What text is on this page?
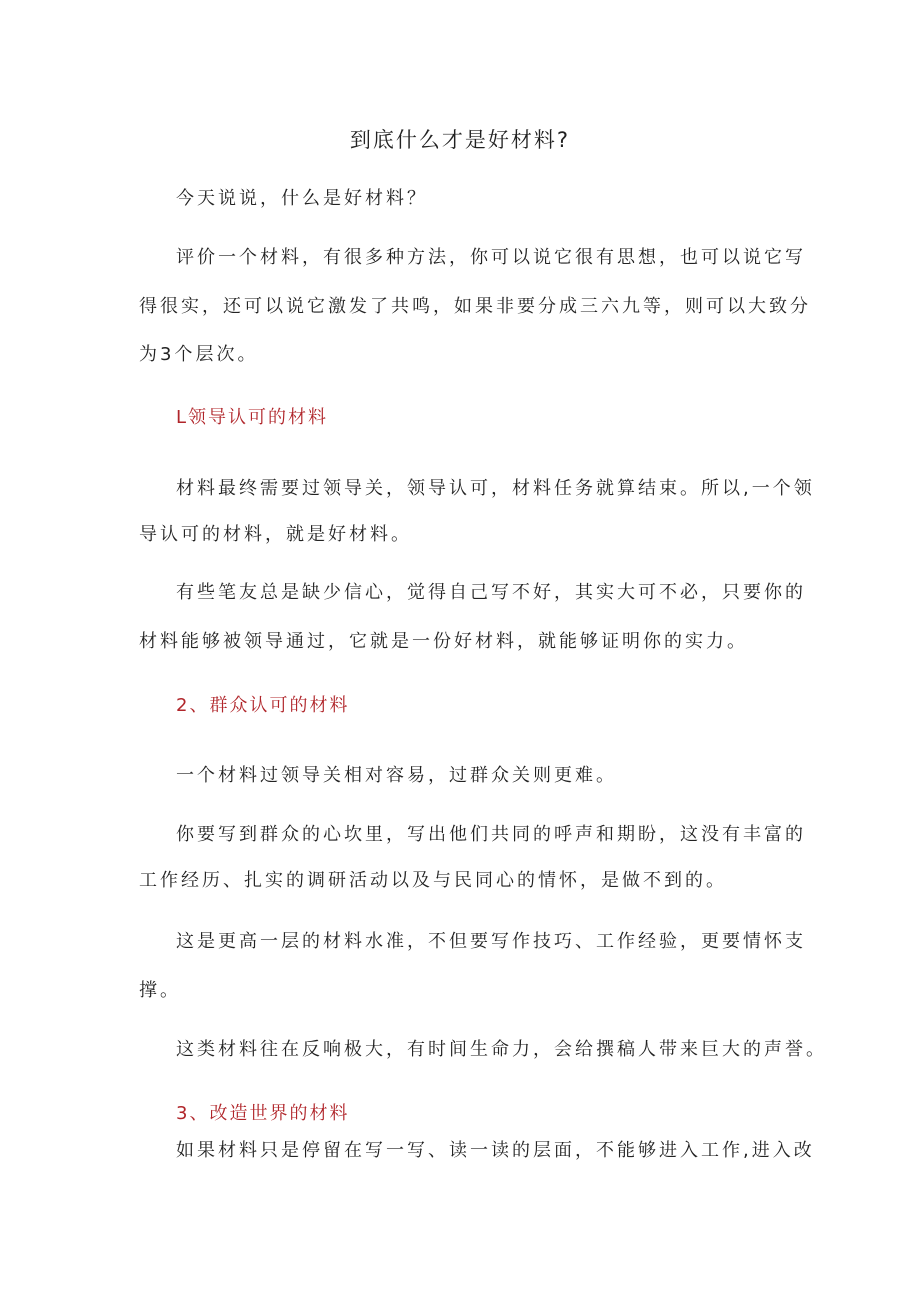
到底什么才是好材料?
今天说说，什么是好材料？
评价一个材料，有很多种方法，你可以说它很有思想，也可以说它写
得很实，还可以说它激发了共鸣，如果非要分成三六九等，则可以大致分
为3个层次。
L领导认可的材料
材料最终需要过领导关，领导认可，材料任务就算结束。所以,一个领
导认可的材料，就是好材料。
有些笔友总是缺少信心，觉得自己写不好，其实大可不必，只要你的
材料能够被领导通过，它就是一份好材料，就能够证明你的实力。
2、群众认可的材料
一个材料过领导关相对容易，过群众关则更难。
你要写到群众的心坎里，写出他们共同的呼声和期盼，这没有丰富的
工作经历、扎实的调研活动以及与民同心的情怀，是做不到的。
这是更高一层的材料水准，不但要写作技巧、工作经验，更要情怀支
撑。
这类材料往在反响极大，有时间生命力，会给撰稿人带来巨大的声誉。
3、改造世界的材料
如果材料只是停留在写一写、读一读的层面，不能够进入工作,进入改
